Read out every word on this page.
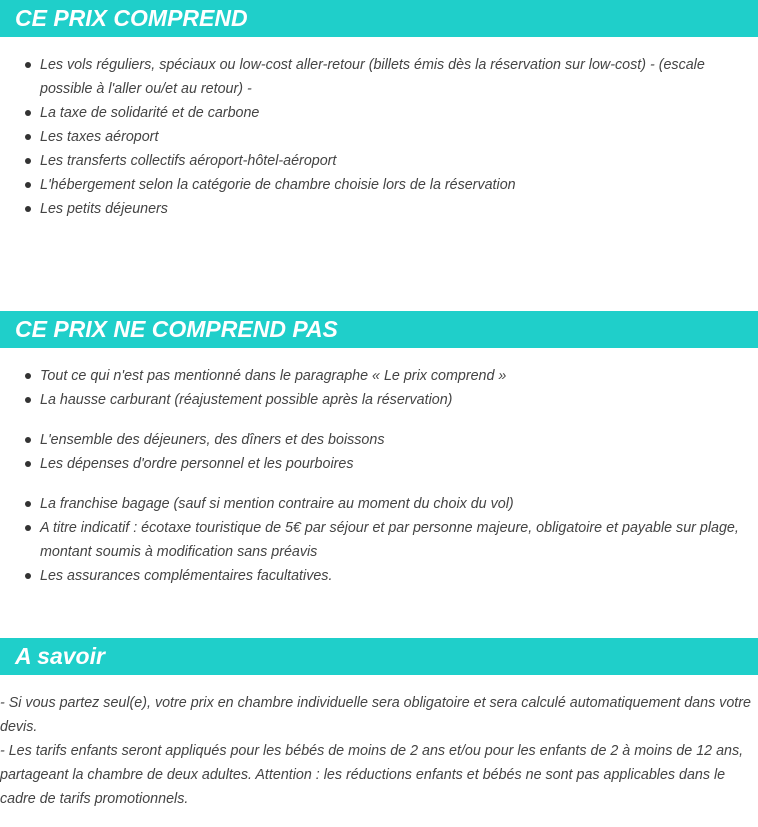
CE PRIX COMPREND
Les vols réguliers, spéciaux ou low-cost aller-retour (billets émis dès la réservation sur low-cost) - (escale possible à l'aller ou/et au retour) -
La taxe de solidarité et de carbone
Les taxes aéroport
Les transferts collectifs aéroport-hôtel-aéroport
L'hébergement selon la catégorie de chambre choisie lors de la réservation
Les petits déjeuners
CE PRIX NE COMPREND PAS
Tout ce qui n'est pas mentionné dans le paragraphe « Le prix comprend »
La hausse carburant (réajustement possible après la réservation)
L'ensemble des déjeuners, des dîners et des boissons
Les dépenses d'ordre personnel et les pourboires
La franchise bagage (sauf si mention contraire au moment du choix du vol)
A titre indicatif : écotaxe touristique de 5€ par séjour et par personne majeure, obligatoire et payable sur plage, montant soumis à modification sans préavis
Les assurances complémentaires facultatives.
A savoir

- Si vous partez seul(e), votre prix en chambre individuelle sera obligatoire et sera calculé automatiquement dans votre devis.

- Les tarifs enfants seront appliqués pour les bébés de moins de 2 ans et/ou pour les enfants de 2 à moins de 12 ans, partageant la chambre de deux adultes. Attention : les réductions enfants et bébés ne sont pas applicables dans le cadre de tarifs promotionnels.
